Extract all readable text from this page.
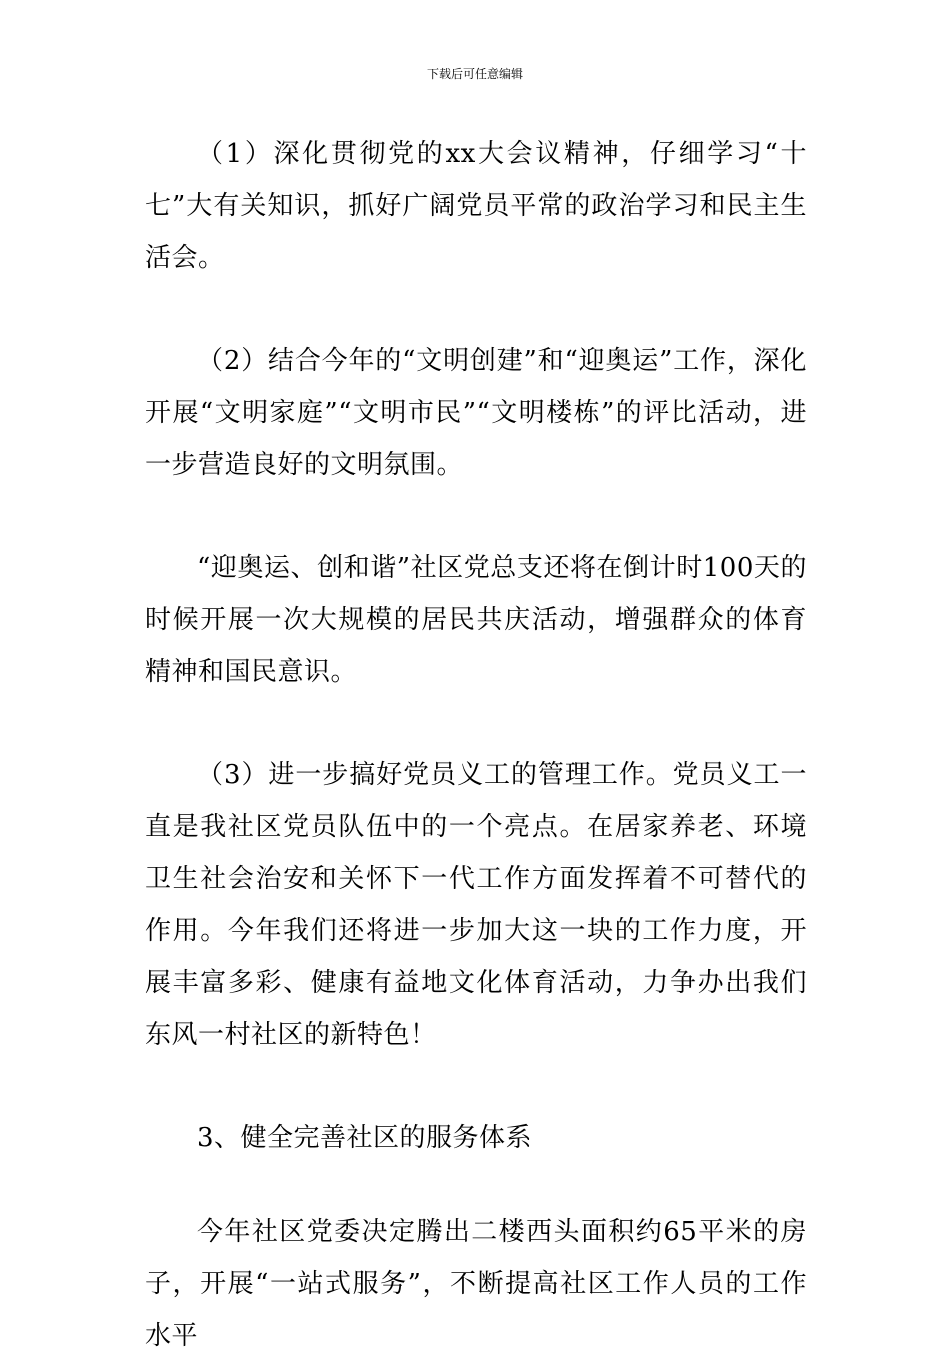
下载后可任意编辑

（1）深化贯彻党的xx大会议精神，仔细学习“十七”大有关知识，抓好广阔党员平常的政治学习和民主生活会。

（2）结合今年的“文明创建”和“迎奥运”工作，深化开展“文明家庭”“文明市民”“文明楼栋”的评比活动，进一步营造良好的文明氛围。

“迎奥运、创和谐”社区党总支还将在倒计时100天的时候开展一次大规模的居民共庆活动，增强群众的体育精神和国民意识。

（3）进一步搞好党员义工的管理工作。党员义工一直是我社区党员队伍中的一个亮点。在居家养老、环境卫生社会治安和关怀下一代工作方面发挥着不可替代的作用。今年我们还将进一步加大这一块的工作力度，开展丰富多彩、健康有益地文化体育活动，力争办出我们东风一村社区的新特色！

3、健全完善社区的服务体系

今年社区党委决定腾出二楼西头面积约65平米的房子，开展“一站式服务”，不断提高社区工作人员的工作水平
